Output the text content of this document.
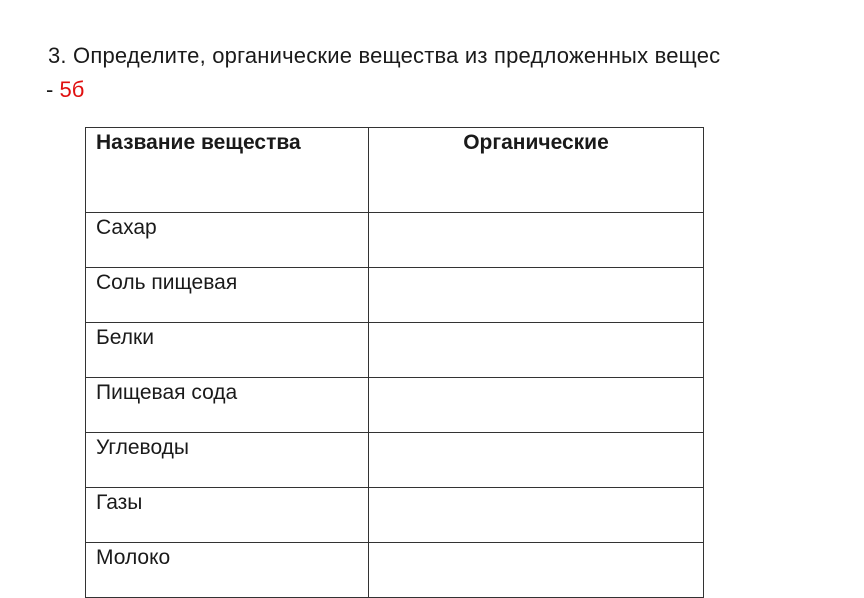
3. Определите, органические вещества из предложенных вещес
- 5б
Название вещества	Органические
Сахар	
Соль пищевая	
Белки	
Пищевая сода	
Углеводы	
Газы	
Молоко	
